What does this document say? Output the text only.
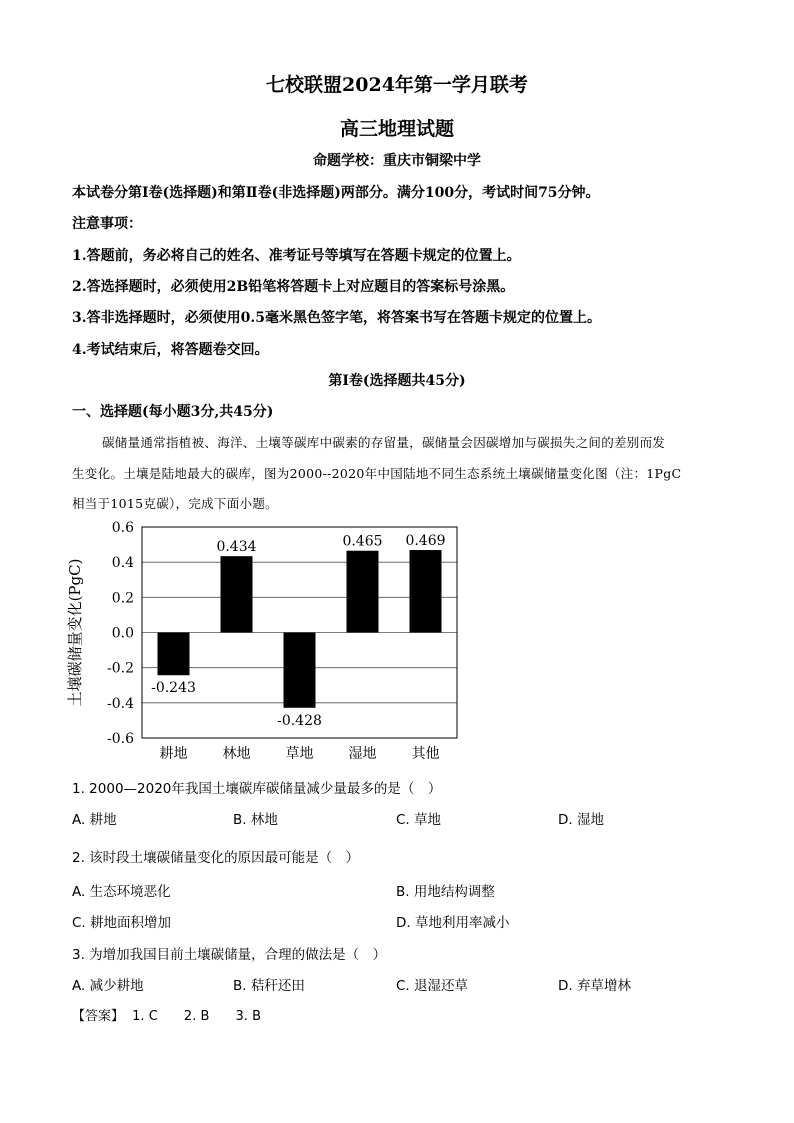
七校联盟2024年第一学月联考
高三地理试题
命题学校：重庆市铜梁中学
本试卷分第Ⅰ卷(选择题)和第Ⅱ卷(非选择题)两部分。满分100分，考试时间75分钟。
注意事项：
1.答题前，务必将自己的姓名、准考证号等填写在答题卡规定的位置上。
2.答选择题时，必须使用2B铅笔将答题卡上对应题目的答案标号涂黑。
3.答非选择题时，必须使用0.5毫米黑色签字笔，将答案书写在答题卡规定的位置上。
4.考试结束后，将答题卷交回。
第Ⅰ卷(选择题共45分)
一、选择题(每小题3分,共45分)
碳储量通常指植被、海洋、土壤等碳库中碳素的存留量，碳储量会因碳增加与碳损失之间的差别而发
生变化。土壤是陆地最大的碳库，图为2000--2020年中国陆地不同生态系统土壤碳储量变化图（注：1PgC
相当于1015克碳），完成下面小题。
-0.6
-0.4
-0.2
0.0
0.2
0.4
0.6
耕地	林地	草地	湿地	其他
-0.243
0.434
-0.428
0.465 0.469
土壤碳储量变化(PgC)
1. 2000—2020年我国土壤碳库碳储量减少量最多的是（　）
A. 耕地	B. 林地	C. 草地	D. 湿地
2. 该时段土壤碳储量变化的原因最可能是（　）
A. 生态环境恶化	B. 用地结构调整
C. 耕地面积增加	D. 草地利用率减小
3. 为增加我国目前土壤碳储量，合理的做法是（　）
A. 减少耕地	B. 秸秆还田	C. 退湿还草	D. 弃草增林
【答案】 1. C 2. B 3. B
